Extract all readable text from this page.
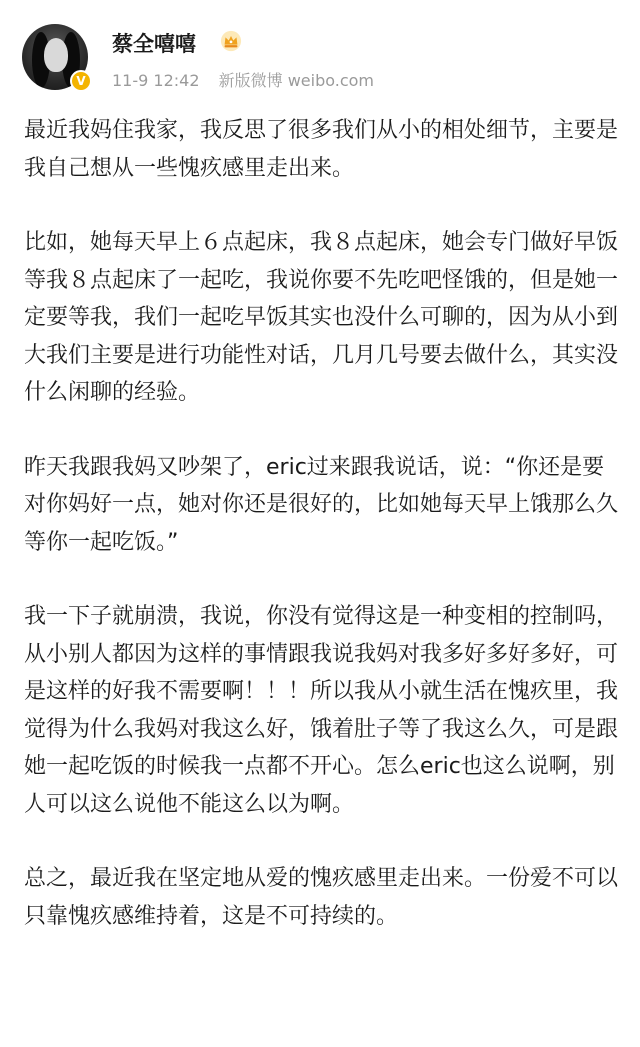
V
蔡全嘻嘻
11-9 12:42 新版微博 weibo.com

最近我妈住我家，我反思了很多我们从小的相处细节，主要是我自己想从一些愧疚感里走出来。

比如，她每天早上６点起床，我８点起床，她会专门做好早饭等我８点起床了一起吃，我说你要不先吃吧怪饿的，但是她一定要等我，我们一起吃早饭其实也没什么可聊的，因为从小到大我们主要是进行功能性对话，几月几号要去做什么，其实没什么闲聊的经验。

昨天我跟我妈又吵架了，eric过来跟我说话，说：“你还是要对你妈好一点，她对你还是很好的，比如她每天早上饿那么久等你一起吃饭。”

我一下子就崩溃，我说，你没有觉得这是一种变相的控制吗，从小别人都因为这样的事情跟我说我妈对我多好多好多好，可是这样的好我不需要啊！！！所以我从小就生活在愧疚里，我觉得为什么我妈对我这么好，饿着肚子等了我这么久，可是跟她一起吃饭的时候我一点都不开心。怎么eric也这么说啊，别人可以这么说他不能这么以为啊。

总之，最近我在坚定地从爱的愧疚感里走出来。一份爱不可以只靠愧疚感维持着，这是不可持续的。
